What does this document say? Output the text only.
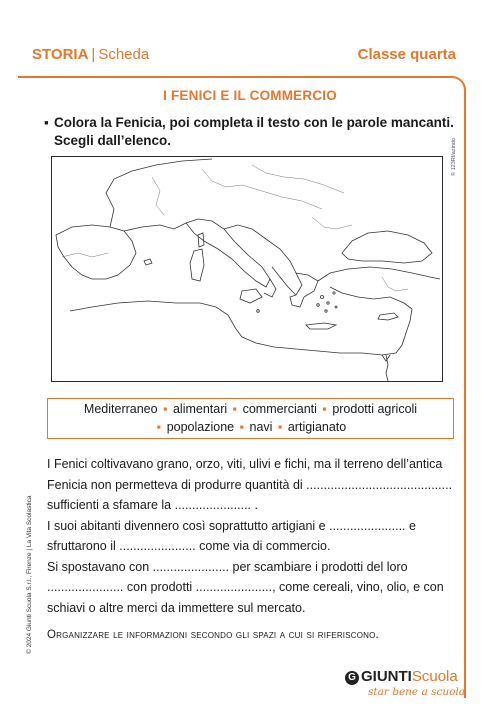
STORIA | Scheda	Classe quarta
I FENICI E IL COMMERCIO
▪ Colora la Fenicia, poi completa il testo con le parole mancanti.
Scegli dall’elenco.	© 123Rf/azindo
Mediterraneo ▪ alimentari ▪ commercianti ▪ prodotti agricoli
▪ popolazione ▪ navi ▪ artigianato

I Fenici coltivavano grano, orzo, viti, ulivi e fichi, ma il terreno dell’antica

Fenicia non permetteva di produrre quantità di ..........................................

sufficienti a sfamare la ...................... .

I suoi abitanti divennero così soprattutto artigiani e ...................... e

sfruttarono il ...................... come via di commercio.

Si spostavano con ...................... per scambiare i prodotti del loro

...................... con prodotti ......................, come cereali, vino, olio, e con

schiavi o altre merci da immettere sul mercato.

Organizzare le informazioni secondo gli spazi a cui si riferiscono.
© 2024 Giunti Scuola S.r.l., Firenze | La Vita Scolastica
G GIUNTIScuola
star bene a scuola
